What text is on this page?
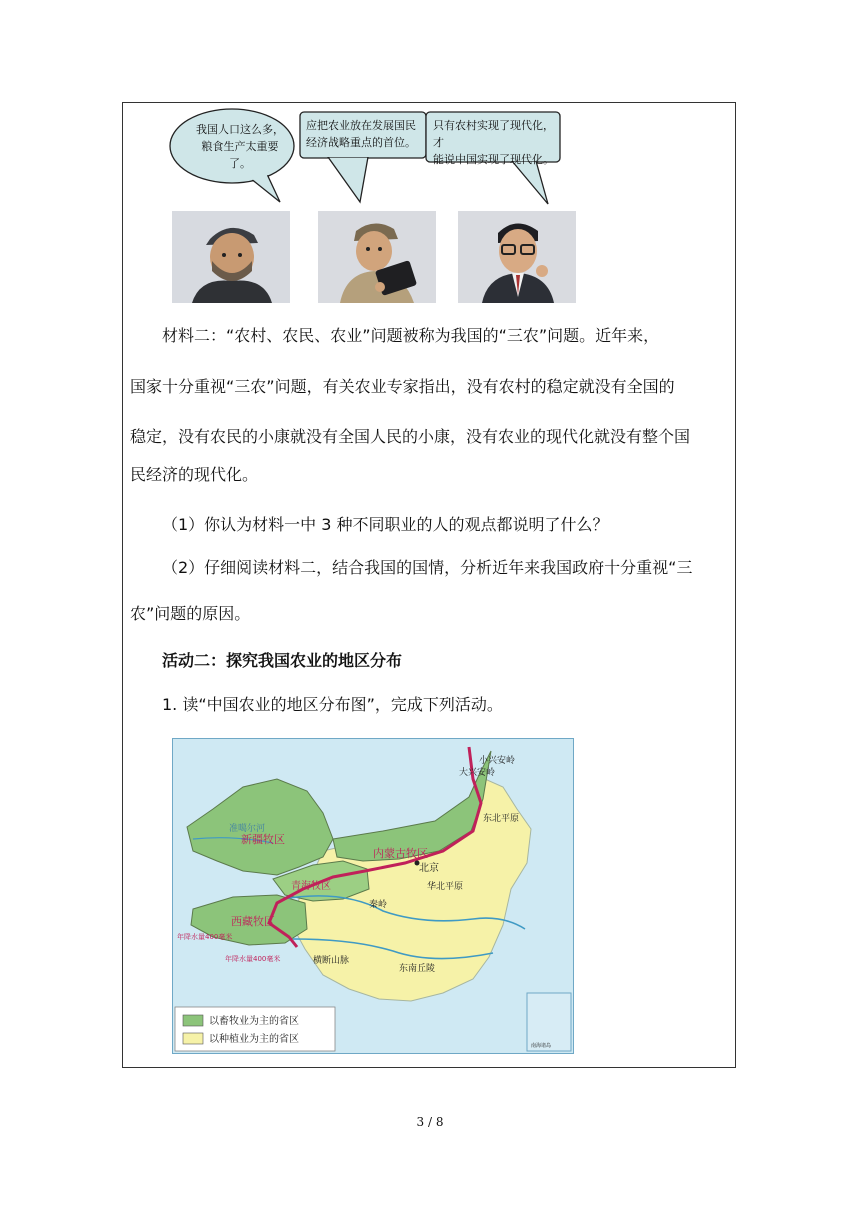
我国人口这么多，
粮食生产太重要
了。
应把农业放在发展国民
经济战略重点的首位。
只有农村实现了现代化，才
能说中国实现了现代化。
材料二：“农村、农民、农业”问题被称为我国的“三农”问题。近年来，
国家十分重视“三农”问题，有关农业专家指出，没有农村的稳定就没有全国的
稳定，没有农民的小康就没有全国人民的小康，没有农业的现代化就没有整个国
民经济的现代化。
（1）你认为材料一中 3 种不同职业的人的观点都说明了什么？
（2）仔细阅读材料二，结合我国的国情，分析近年来我国政府十分重视“三
农”问题的原因。
活动二：探究我国农业的地区分布
1. 读“中国农业的地区分布图”，完成下列活动。
新疆牧区
青海牧区
西藏牧区
内蒙古牧区
北京
大兴安岭
小兴安岭
东北平原
华北平原
秦岭
横断山脉
东南丘陵
准噶尔河
年降水量400毫米
年降水量400毫米
南海诸岛
以畜牧业为主的省区
以种植业为主的省区
3 / 8
